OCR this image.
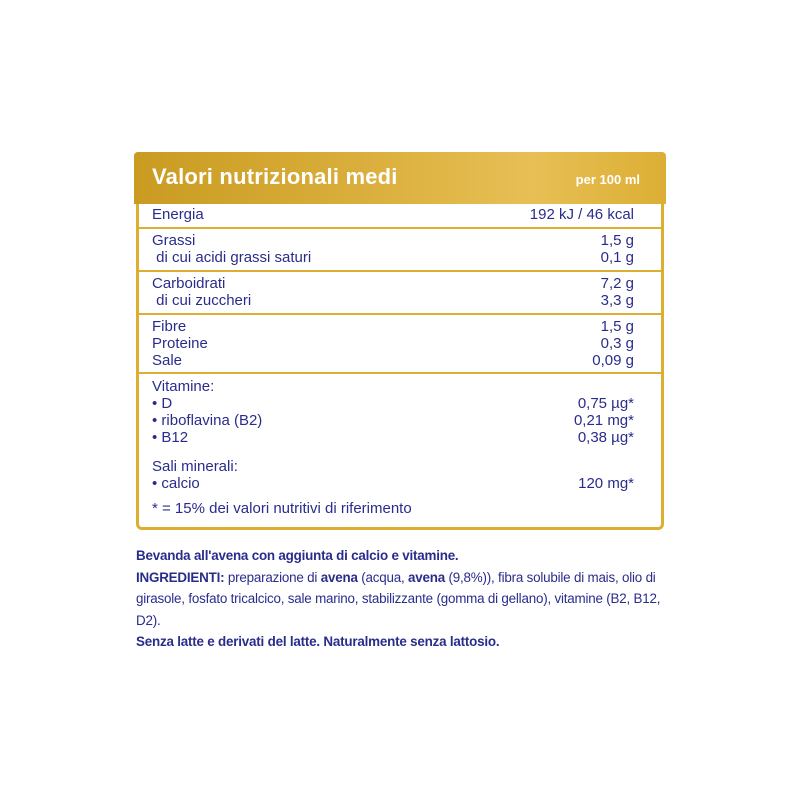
Valori nutrizionali medi	per 100 ml
Energia	192 kJ / 46 kcal
Grassi	1,5 g
di cui acidi grassi saturi	0,1 g
Carboidrati	7,2 g
di cui zuccheri	3,3 g
Fibre	1,5 g
Proteine	0,3 g
Sale	0,09 g
Vitamine:
• D	0,75 µg*
• riboflavina (B2)	0,21 mg*
• B12	0,38 µg*
Sali minerali:
• calcio	120 mg*
* = 15% dei valori nutritivi di riferimento
Bevanda all'avena con aggiunta di calcio e vitamine.
INGREDIENTI: preparazione di avena (acqua, avena (9,8%)), fibra solubile di mais, olio di girasole, fosfato tricalcico, sale marino, stabilizzante (gomma di gellano), vitamine (B2, B12, D2).
Senza latte e derivati del latte. Naturalmente senza lattosio.
